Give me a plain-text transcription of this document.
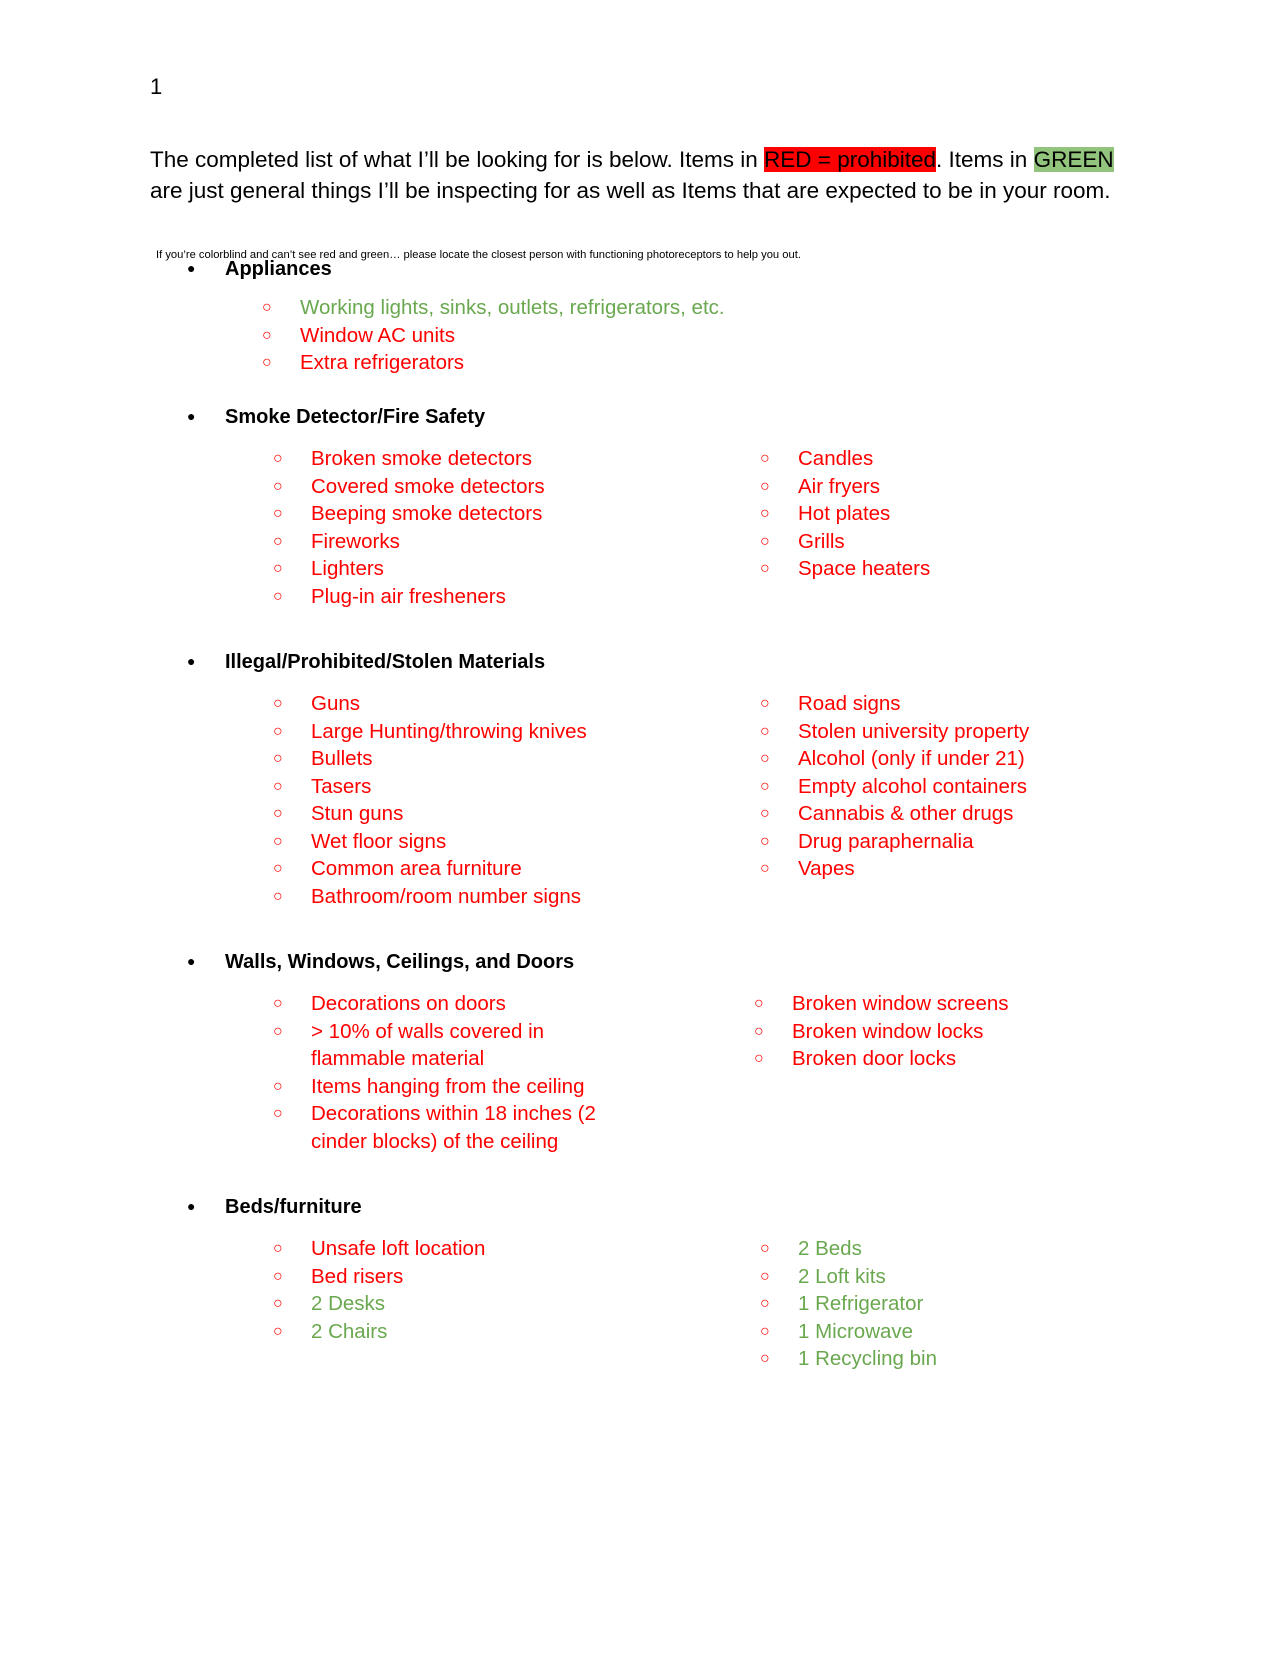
1
The completed list of what I’ll be looking for is below. Items in RED = prohibited. Items in GREEN are just general things I’ll be inspecting for as well as Items that are expected to be in your room.
If you’re colorblind and can’t see red and green… please locate the closest person with functioning photoreceptors to help you out.
● Appliances
○ Working lights, sinks, outlets, refrigerators, etc.
○ Window AC units
○ Extra refrigerators
● Smoke Detector/Fire Safety
○ Broken smoke detectors
○ Covered smoke detectors
○ Beeping smoke detectors
○ Fireworks
○ Lighters
○ Plug-in air fresheners
○ Candles
○ Air fryers
○ Hot plates
○ Grills
○ Space heaters
● Illegal/Prohibited/Stolen Materials
○ Guns
○ Large Hunting/throwing knives
○ Bullets
○ Tasers
○ Stun guns
○ Wet floor signs
○ Common area furniture
○ Bathroom/room number signs
○ Road signs
○ Stolen university property
○ Alcohol (only if under 21)
○ Empty alcohol containers
○ Cannabis & other drugs
○ Drug paraphernalia
○ Vapes
● Walls, Windows, Ceilings, and Doors
○ Decorations on doors
○ > 10% of walls covered in flammable material
○ Items hanging from the ceiling
○ Decorations within 18 inches (2 cinder blocks) of the ceiling
○ Broken window screens
○ Broken window locks
○ Broken door locks
● Beds/furniture
○ Unsafe loft location
○ Bed risers
○ 2 Desks
○ 2 Chairs
○ 2 Beds
○ 2 Loft kits
○ 1 Refrigerator
○ 1 Microwave
○ 1 Recycling bin
